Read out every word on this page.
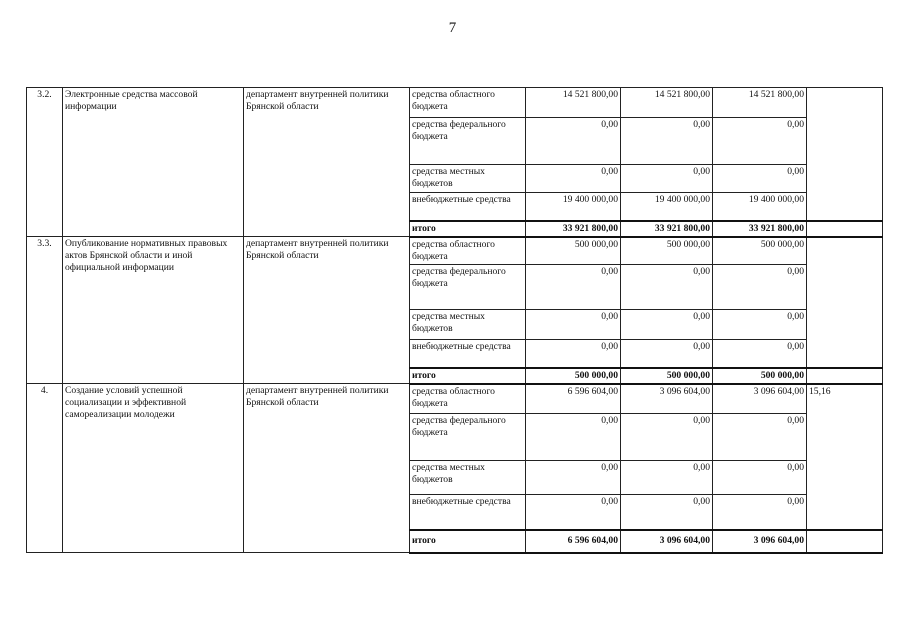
7
3.2.	Электронные средства массовой информации	департамент внутренней политики Брянской области	средства областного бюджета	14 521 800,00	14 521 800,00	14 521 800,00	
			средства федерального бюджета	0,00	0,00	0,00	
			средства местных бюджетов	0,00	0,00	0,00	
			внебюджетные средства	19 400 000,00	19 400 000,00	19 400 000,00	
			итого	33 921 800,00	33 921 800,00	33 921 800,00	
3.3.	Опубликование нормативных правовых актов Брянской области и иной официальной информации	департамент внутренней политики Брянской области	средства областного бюджета	500 000,00	500 000,00	500 000,00	
			средства федерального бюджета	0,00	0,00	0,00	
			средства местных бюджетов	0,00	0,00	0,00	
			внебюджетные средства	0,00	0,00	0,00	
			итого	500 000,00	500 000,00	500 000,00	
4.	Создание условий успешной социализации и эффективной самореализации молодежи	департамент внутренней политики Брянской области	средства областного бюджета	6 596 604,00	3 096 604,00	3 096 604,00	15,16
			средства федерального бюджета	0,00	0,00	0,00	
			средства местных бюджетов	0,00	0,00	0,00	
			внебюджетные средства	0,00	0,00	0,00	
			итого	6 596 604,00	3 096 604,00	3 096 604,00	
